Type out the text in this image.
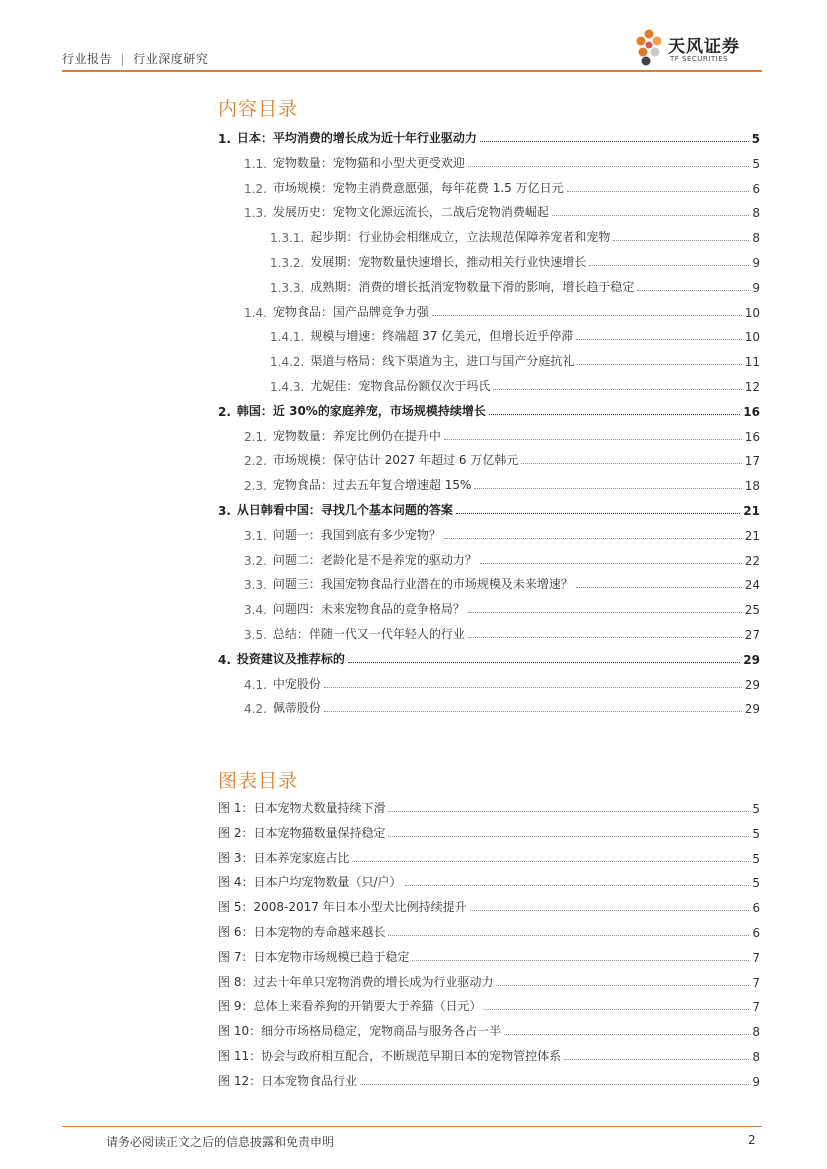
行业报告 | 行业深度研究
天风证券
TF SECURITIES
内容目录
1. 日本：平均消费的增长成为近十年行业驱动力	5
1.1. 宠物数量：宠物猫和小型犬更受欢迎	5
1.2. 市场规模：宠物主消费意愿强，每年花费 1.5 万亿日元	6
1.3. 发展历史：宠物文化源远流长，二战后宠物消费崛起	8
1.3.1. 起步期：行业协会相继成立，立法规范保障养宠者和宠物	8
1.3.2. 发展期：宠物数量快速增长，推动相关行业快速增长	9
1.3.3. 成熟期：消费的增长抵消宠物数量下滑的影响，增长趋于稳定	9
1.4. 宠物食品：国产品牌竞争力强	10
1.4.1. 规模与增速：终端超 37 亿美元，但增长近乎停滞	10
1.4.2. 渠道与格局：线下渠道为主，进口与国产分庭抗礼	11
1.4.3. 尤妮佳：宠物食品份额仅次于玛氏	12
2. 韩国：近 30%的家庭养宠，市场规模持续增长	16
2.1. 宠物数量：养宠比例仍在提升中	16
2.2. 市场规模：保守估计 2027 年超过 6 万亿韩元	17
2.3. 宠物食品：过去五年复合增速超 15%	18
3. 从日韩看中国：寻找几个基本问题的答案	21
3.1. 问题一：我国到底有多少宠物？	21
3.2. 问题二：老龄化是不是养宠的驱动力？	22
3.3. 问题三：我国宠物食品行业潜在的市场规模及未来增速？	24
3.4. 问题四：未来宠物食品的竞争格局？	25
3.5. 总结：伴随一代又一代年轻人的行业	27
4. 投资建议及推荐标的	29
4.1. 中宠股份	29
4.2. 佩蒂股份	29
图表目录
图 1：日本宠物犬数量持续下滑	5
图 2：日本宠物猫数量保持稳定	5
图 3：日本养宠家庭占比	5
图 4：日本户均宠物数量（只/户）	5
图 5：2008-2017 年日本小型犬比例持续提升	6
图 6：日本宠物的寿命越来越长	6
图 7：日本宠物市场规模已趋于稳定	7
图 8：过去十年单只宠物消费的增长成为行业驱动力	7
图 9：总体上来看养狗的开销要大于养猫（日元）	7
图 10：细分市场格局稳定，宠物商品与服务各占一半	8
图 11：协会与政府相互配合，不断规范早期日本的宠物管控体系	8
图 12：日本宠物食品行业	9
请务必阅读正文之后的信息披露和免责申明	2
